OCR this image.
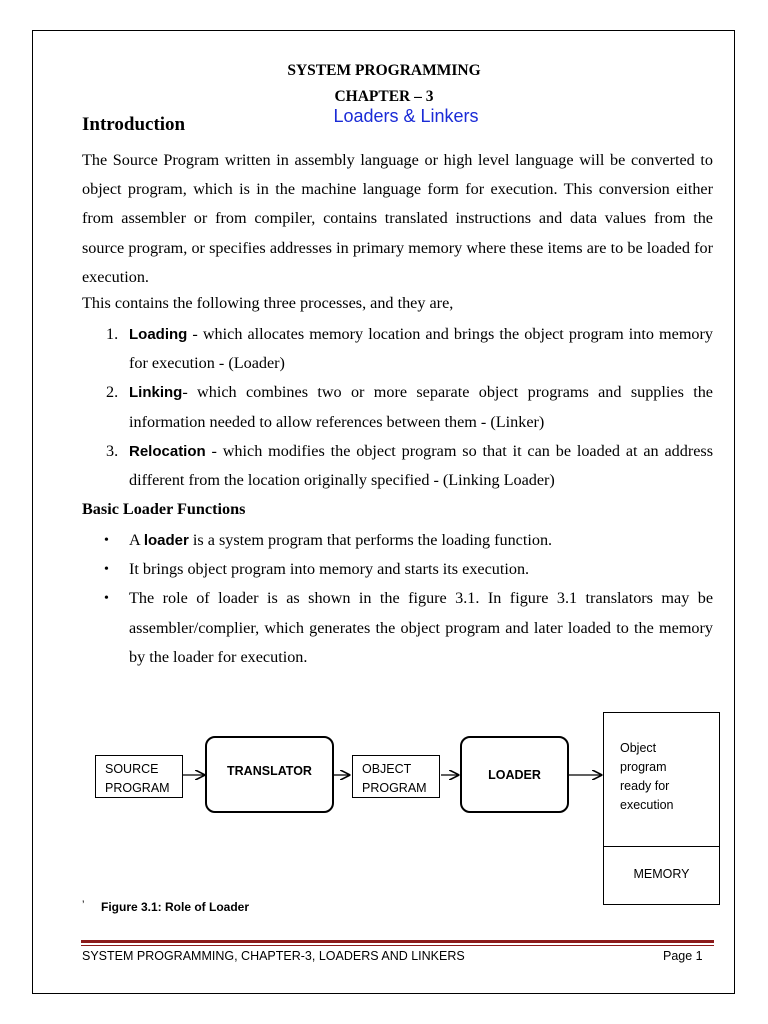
SYSTEM PROGRAMMING
CHAPTER – 3
Loaders & Linkers
Introduction
The Source Program written in assembly language or high level language will be converted to object program, which is in the machine language form for execution. This conversion either from assembler or from compiler, contains translated instructions and data values from the source program, or specifies addresses in primary memory where these items are to be loaded for execution.
This contains the following three processes, and they are,
1. Loading - which allocates memory location and brings the object program into memory for execution - (Loader)
2. Linking- which combines two or more separate object programs and supplies the information needed to allow references between them - (Linker)
3. Relocation - which modifies the object program so that it can be loaded at an address different from the location originally specified - (Linking Loader)
Basic Loader Functions
• A loader is a system program that performs the loading function.
• It brings object program into memory and starts its execution.
• The role of loader is as shown in the figure 3.1. In figure 3.1 translators may be assembler/complier, which generates the object program and later loaded to the memory by the loader for execution.
SOURCE
PROGRAM
TRANSLATOR	OBJECT
PROGRAM
LOADER
Object
program
ready for
execution
MEMORY
’ Figure 3.1: Role of Loader
SYSTEM PROGRAMMING, CHAPTER-3, LOADERS AND LINKERS	Page 1
